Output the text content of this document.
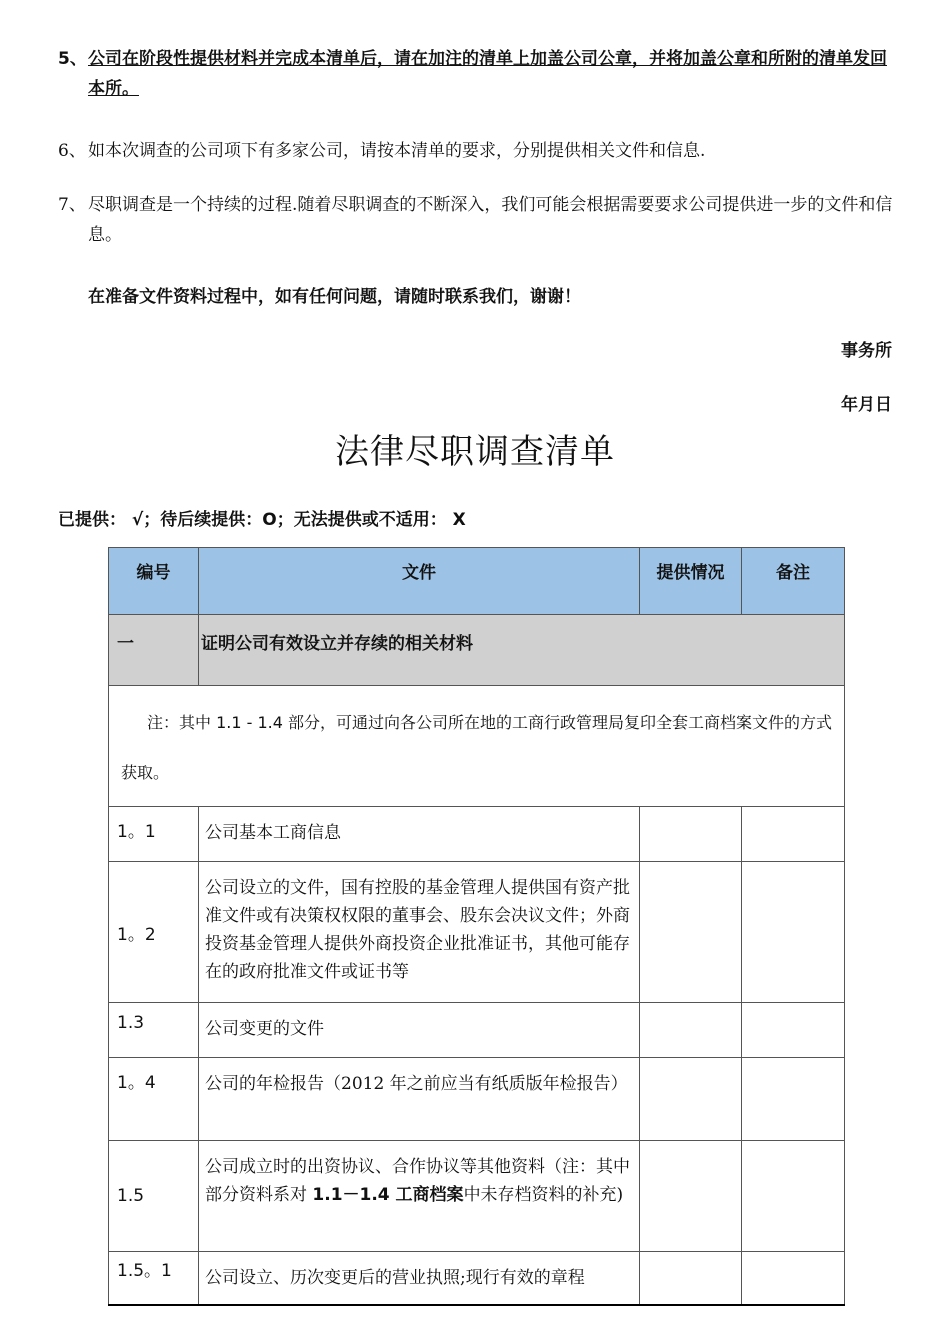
5、 公司在阶段性提供材料并完成本清单后，请在加注的清单上加盖公司公章，并将加盖公章和所附的清单发回本所。
6、 如本次调查的公司项下有多家公司，请按本清单的要求，分别提供相关文件和信息.
7、 尽职调查是一个持续的过程.随着尽职调查的不断深入，我们可能会根据需要要求公司提供进一步的文件和信息。
在准备文件资料过程中，如有任何问题，请随时联系我们，谢谢！
事务所
年月日
法律尽职调查清单
已提供： √；待后续提供：O；无法提供或不适用： X
编号	文件	提供情况	备注
一	证明公司有效设立并存续的相关材料		
注：其中 1.1 - 1.4 部分，可通过向各公司所在地的工商行政管理局复印全套工商档案文件的方式获取。			
1。1	公司基本工商信息		
1。2	公司设立的文件，国有控股的基金管理人提供国有资产批准文件或有决策权权限的董事会、股东会决议文件；外商投资基金管理人提供外商投资企业批准证书，其他可能存在的政府批准文件或证书等		
1.3	公司变更的文件		
1。4	公司的年检报告（2012 年之前应当有纸质版年检报告）		
1.5	公司成立时的出资协议、合作协议等其他资料（注：其中部分资料系对 1.1－1.4 工商档案中未存档资料的补充)		
1.5。1	公司设立、历次变更后的营业执照;现行有效的章程		
